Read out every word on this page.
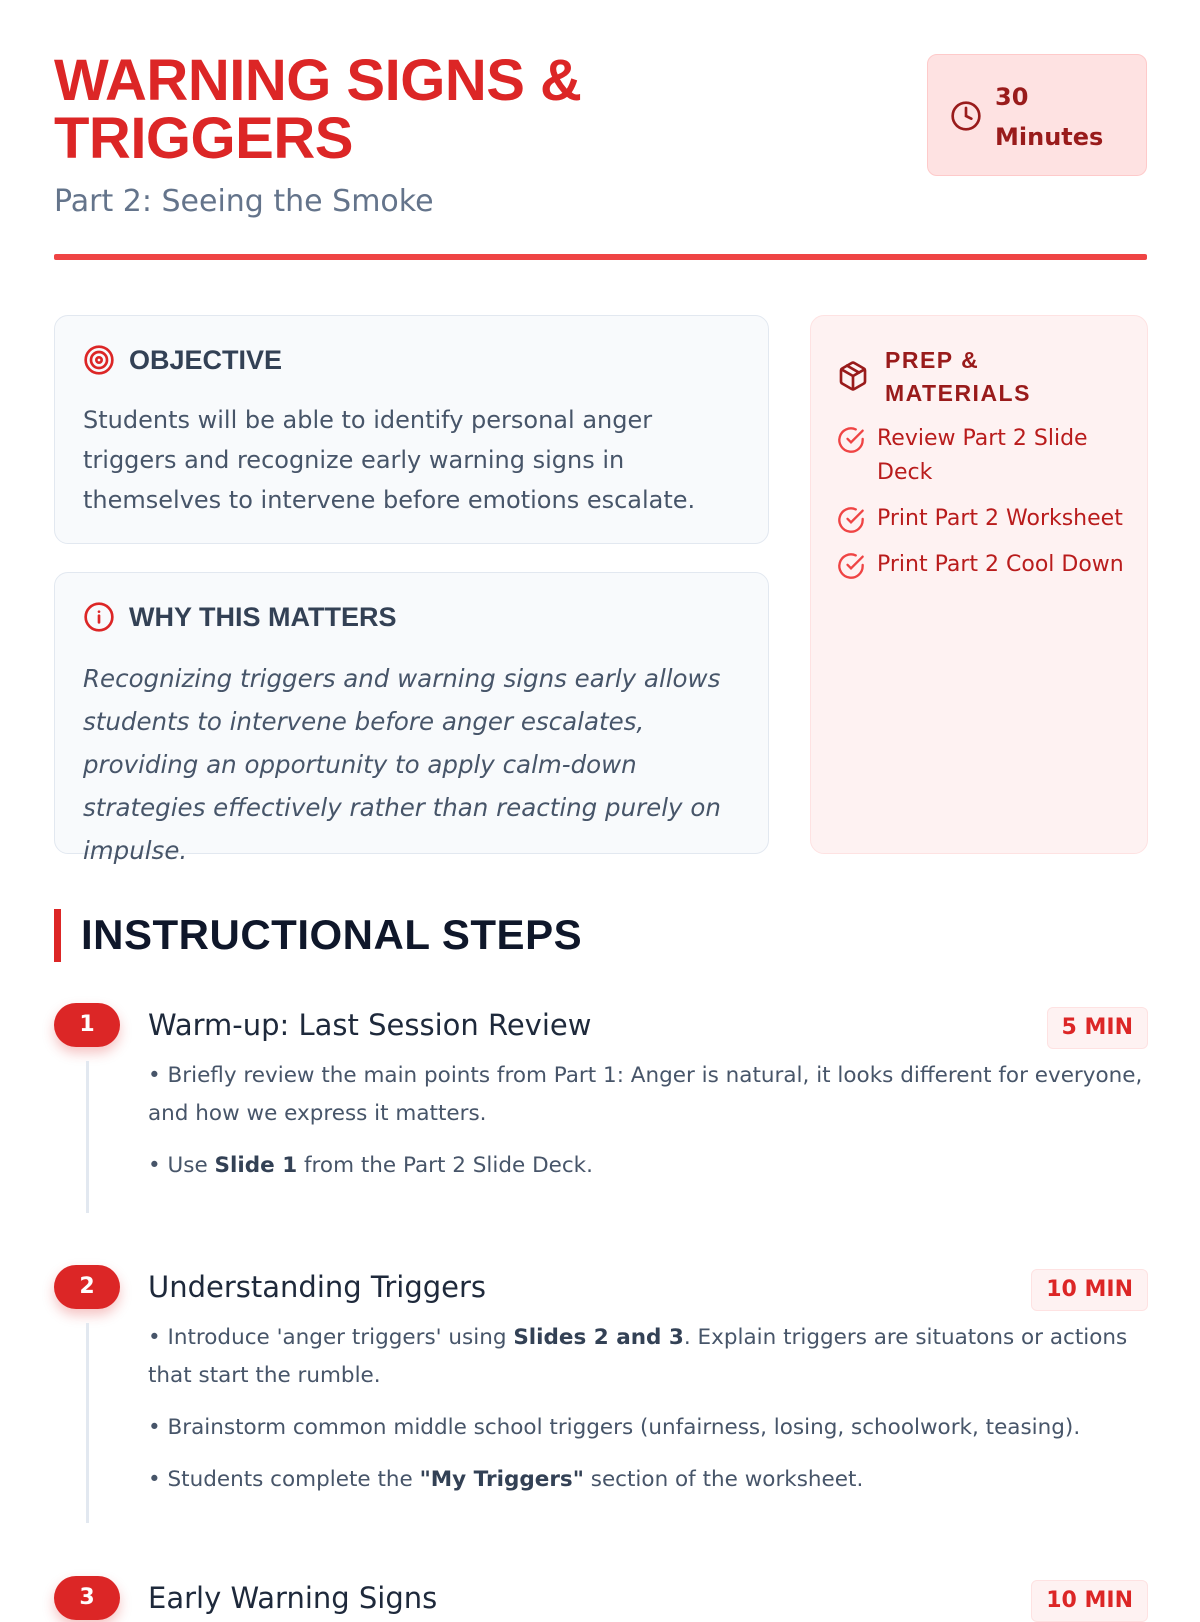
WARNING SIGNS &
TRIGGERS
Part 2: Seeing the Smoke
30
Minutes
OBJECTIVE
Students will be able to identify personal anger triggers and recognize early warning signs in themselves to intervene before emotions escalate.
WHY THIS MATTERS
Recognizing triggers and warning signs early allows students to intervene before anger escalates, providing an opportunity to apply calm-down strategies effectively rather than reacting purely on impulse.
PREP & MATERIALS
Review Part 2 Slide Deck
Print Part 2 Worksheet
Print Part 2 Cool Down
INSTRUCTIONAL STEPS
1	Warm-up: Last Session Review	5 MIN

• Briefly review the main points from Part 1: Anger is natural, it looks different for everyone, and how we express it matters.

• Use Slide 1 from the Part 2 Slide Deck.

2	Understanding Triggers	10 MIN

• Introduce 'anger triggers' using Slides 2 and 3. Explain triggers are situatons or actions that start the rumble.

• Brainstorm common middle school triggers (unfairness, losing, schoolwork, teasing).

• Students complete the "My Triggers" section of the worksheet.

3	Early Warning Signs	10 MIN
